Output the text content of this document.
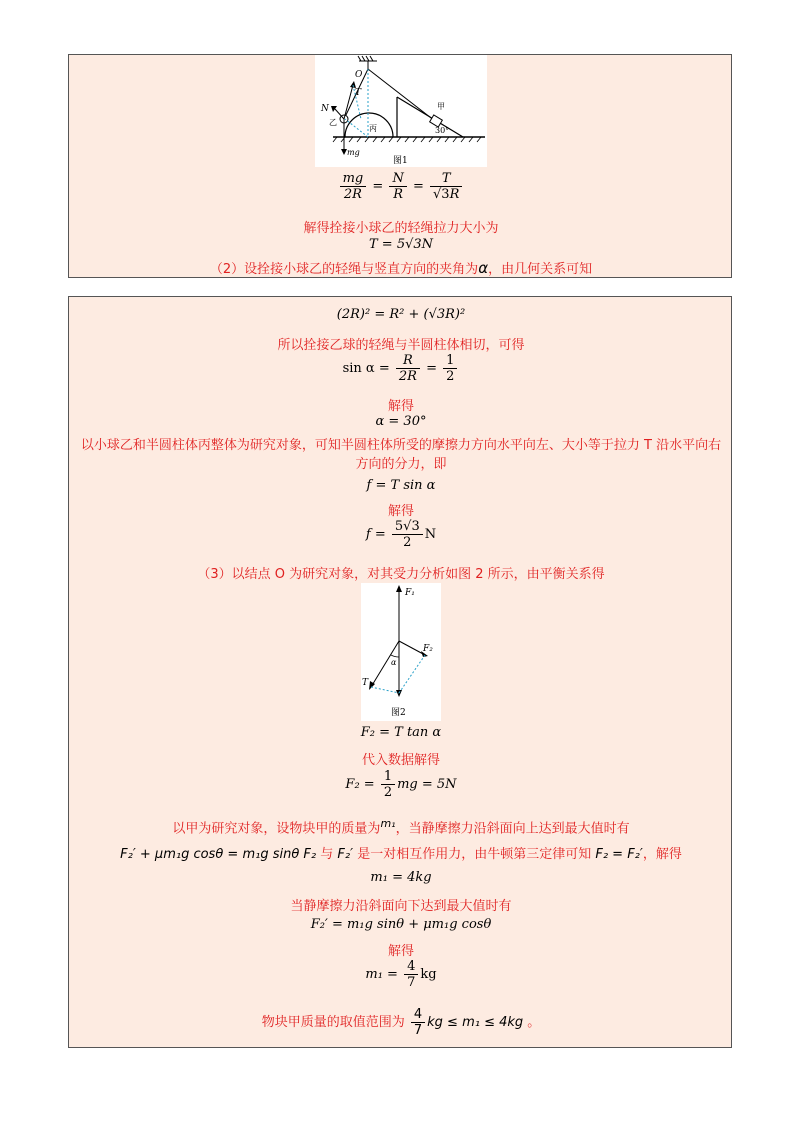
O
N
T
乙
丙
甲
30°
mg
图1
$\frac{mg}{2R} = \frac{N}{R} = \frac{T}{√3R}$
解得拴接小球乙的轻绳拉力大小为
T = 5√3N
（2）设拴接小球乙的轻绳与竖直方向的夹角为α，由几何关系可知
(2R)² = R² + (√3R)²
所以拴接乙球的轻绳与半圆柱体相切，可得
$\sin \alpha = \frac{R}{2R} = \frac{1}{2}$
解得
α = 30°
以小球乙和半圆柱体丙整体为研究对象，可知半圆柱体所受的摩擦力方向水平向左、大小等于拉力 T 沿水平向右方向的分力，即
f = T sin α
解得
$f = \frac{5√3}{2}$ N
（3）以结点 O 为研究对象，对其受力分析如图 2 所示，由平衡关系得
F₁
F₂
T
α
图2
F₂ = T tan α
代入数据解得
$F_2 = \frac{1}{2}$ mg = 5N
以甲为研究对象，设物块甲的质量为$^{m_1}$，当静摩擦力沿斜面向上达到最大值时有
F₂′ + μm₁g cosθ = m₁g sinθ F₂ 与 F₂′ 是一对相互作用力，由牛顿第三定律可知 F₂ = F₂′，解得
m₁ = 4kg
当静摩擦力沿斜面向下达到最大值时有
F₂′ = m₁g sinθ + μm₁g cosθ
解得
$m_1 = \frac{4}{7}$ kg
物块甲质量的取值范围为 $\frac{4}{7}$ kg ≤ m₁ ≤ 4kg 。
